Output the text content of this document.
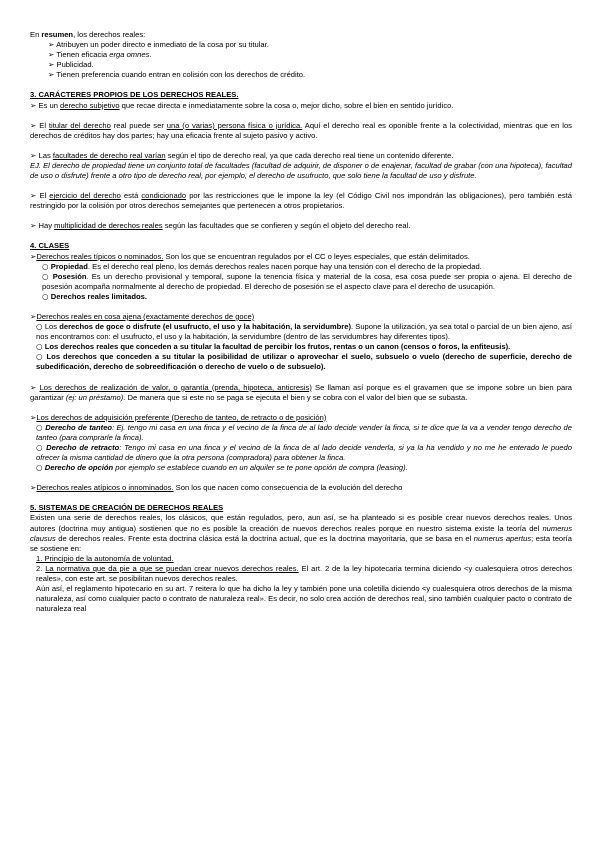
En resumen, los derechos reales:

➢ Atribuyen un poder directo e inmediato de la cosa por su titular.

➢ Tienen eficacia erga omnes.

➢ Publicidad.

➢ Tienen preferencia cuando entran en colisión con los derechos de crédito.

3. CARÁCTERES PROPIOS DE LOS DERECHOS REALES.

➢ Es un derecho subjetivo que recae directa e inmediatamente sobre la cosa o, mejor dicho, sobre el bien en sentido jurídico.

➢ El titular del derecho real puede ser una (o varias) persona física o jurídica. Aquí el derecho real es oponible frente a la colectividad, mientras que en los derechos de créditos hay dos partes; hay una eficacia frente al sujeto pasivo y activo.

➢ Las facultades de derecho real varían según el tipo de derecho real, ya que cada derecho real tiene un contenido diferente.

EJ. El derecho de propiedad tiene un conjunto total de facultades (facultad de adquirir, de disponer o de enajenar, facultad de grabar (con una hipoteca), facultad de uso o disfrute) frente a otro tipo de derecho real, por ejemplo, el derecho de usufructo, que solo tiene la facultad de uso y disfrute.

➢ El ejercicio del derecho está condicionado por las restricciones que le impone la ley (el Código Civil nos impondrán las obligaciones), pero también está restringido por la colisión por otros derechos semejantes que pertenecen a otros propietarios.

➢ Hay multiplicidad de derechos reales según las facultades que se confieren y según el objeto del derecho real.

4. CLASES

➢Derechos reales típicos o nominados. Son los que se encuentran regulados por el CC o leyes especiales, que están delimitados.

○ Propiedad. Es el derecho real pleno, los demás derechos reales nacen porque hay una tensión con el derecho de la propiedad.

○ Posesión. Es un derecho provisional y temporal, supone la tenencia física y material de la cosa, esa cosa puede ser propia o ajena. El derecho de posesión acompaña normalmente al derecho de propiedad. El derecho de posesión se el aspecto clave para el derecho de usucapión.

○ Derechos reales limitados.

➢Derechos reales en cosa ajena (exactamente derechos de goce)

○ Los derechos de goce o disfrute (el usufructo, el uso y la habitación, la servidumbre). Supone la utilización, ya sea total o parcial de un bien ajeno, así nos encontramos con: el usufructo, el uso y la habitación, la servidumbre (dentro de las servidumbres hay diferentes tipos).

○ Los derechos reales que conceden a su titular la facultad de percibir los frutos, rentas o un canon (censos o foros, la enfiteusis).

○ Los derechos que conceden a su titular la posibilidad de utilizar o aprovechar el suelo, subsuelo o vuelo (derecho de superficie, derecho de subedificación, derecho de sobreedificación o derecho de vuelo o de subsuelo).

➢ Los derechos de realización de valor, o garantía (prenda, hipoteca, anticresis) Se llaman así porque es el gravamen que se impone sobre un bien para garantizar (ej: un préstamo). De manera que si este no se paga se ejecuta el bien y se cobra con el valor del bien que se subasta.

➢Los derechos de adquisición preferente (Derecho de tanteo, de retracto o de posición)

○ Derecho de tanteo: Ej. tengo mi casa en una finca y el vecino de la finca de al lado decide vender la finca, si te dice que la va a vender tengo derecho de tanteo (para comprarle la finca).

○ Derecho de retracto: Tengo mi casa en una finca y el vecino de la finca de al lado decide venderla, si ya la ha vendido y no me he enterado le puedo ofrecer la misma cantidad de dinero que la otra persona (compradora) para obtener la finca.

○ Derecho de opción por ejemplo se establece cuando en un alquiler se te pone opción de compra (leasing).

➢Derechos reales atípicos o innominados. Son los que nacen como consecuencia de la evolución del derecho

5. SISTEMAS DE CREACIÓN DE DERECHOS REALES

Existen una serie de derechos reales, los clásicos, que están regulados, pero, aun así, se ha planteado si es posible crear nuevos derechos reales. Unos autores (doctrina muy antigua) sostienen que no es posible la creación de nuevos derechos reales porque en nuestro sistema existe la teoría del numerus clausus de derechos reales. Frente esta doctrina clásica está la doctrina actual, que es la doctrina mayoritaria, que se basa en el numerus apertus; esta teoría se sostiene en:

1. Principio de la autonomía de voluntad.

2. La normativa que da pie a que se puedan crear nuevos derechos reales. El art. 2 de la ley hipotecaria termina diciendo <y cualesquiera otros derechos reales», con este art. se posibilitan nuevos derechos reales.

Aún así, el reglamento hipotecario en su art. 7 reitera lo que ha dicho la ley y también pone una coletilla diciendo <y cualesquiera otros derechos de la misma naturaleza, así como cualquier pacto o contrato de naturaleza real». Es decir, no solo crea acción de derechos real, sino también cualquier pacto o contrato de naturaleza real
